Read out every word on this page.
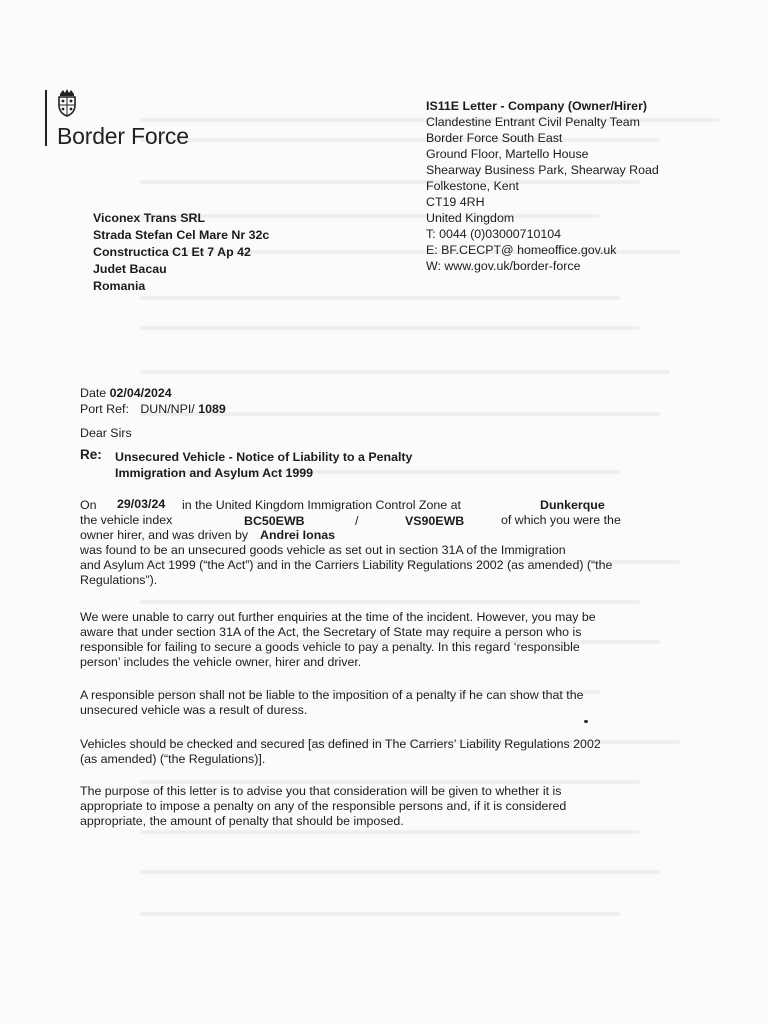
Border Force
IS11E Letter - Company (Owner/Hirer)
Clandestine Entrant Civil Penalty Team
Border Force South East
Ground Floor, Martello House
Shearway Business Park, Shearway Road
Folkestone, Kent
CT19 4RH
United Kingdom
T: 0044 (0)03000710104
E: BF.CECPT@ homeoffice.gov.uk
W: www.gov.uk/border-force
Viconex Trans SRL
Strada Stefan Cel Mare Nr 32c
Constructica C1 Et 7 Ap 42
Judet Bacau
Romania
Date 02/04/2024
Port Ref: DUN/NPI/ 1089
Dear Sirs
Re: Unsecured Vehicle - Notice of Liability to a Penalty
Immigration and Asylum Act 1999
On 29/03/24 in the United Kingdom Immigration Control Zone at	Dunkerque
the vehicle index	BC50EWB	/	VS90EWB	of which you were the
owner hirer, and was driven by Andrei Ionas
was found to be an unsecured goods vehicle as set out in section 31A of the Immigration
and Asylum Act 1999 (“the Act”) and in the Carriers Liability Regulations 2002 (as amended) (“the
Regulations”).
We were unable to carry out further enquiries at the time of the incident. However, you may be
aware that under section 31A of the Act, the Secretary of State may require a person who is
responsible for failing to secure a goods vehicle to pay a penalty. In this regard ‘responsible
person’ includes the vehicle owner, hirer and driver.
A responsible person shall not be liable to the imposition of a penalty if he can show that the
unsecured vehicle was a result of duress.
Vehicles should be checked and secured [as defined in The Carriers’ Liability Regulations 2002
(as amended) (“the Regulations)].
The purpose of this letter is to advise you that consideration will be given to whether it is
appropriate to impose a penalty on any of the responsible persons and, if it is considered
appropriate, the amount of penalty that should be imposed.
